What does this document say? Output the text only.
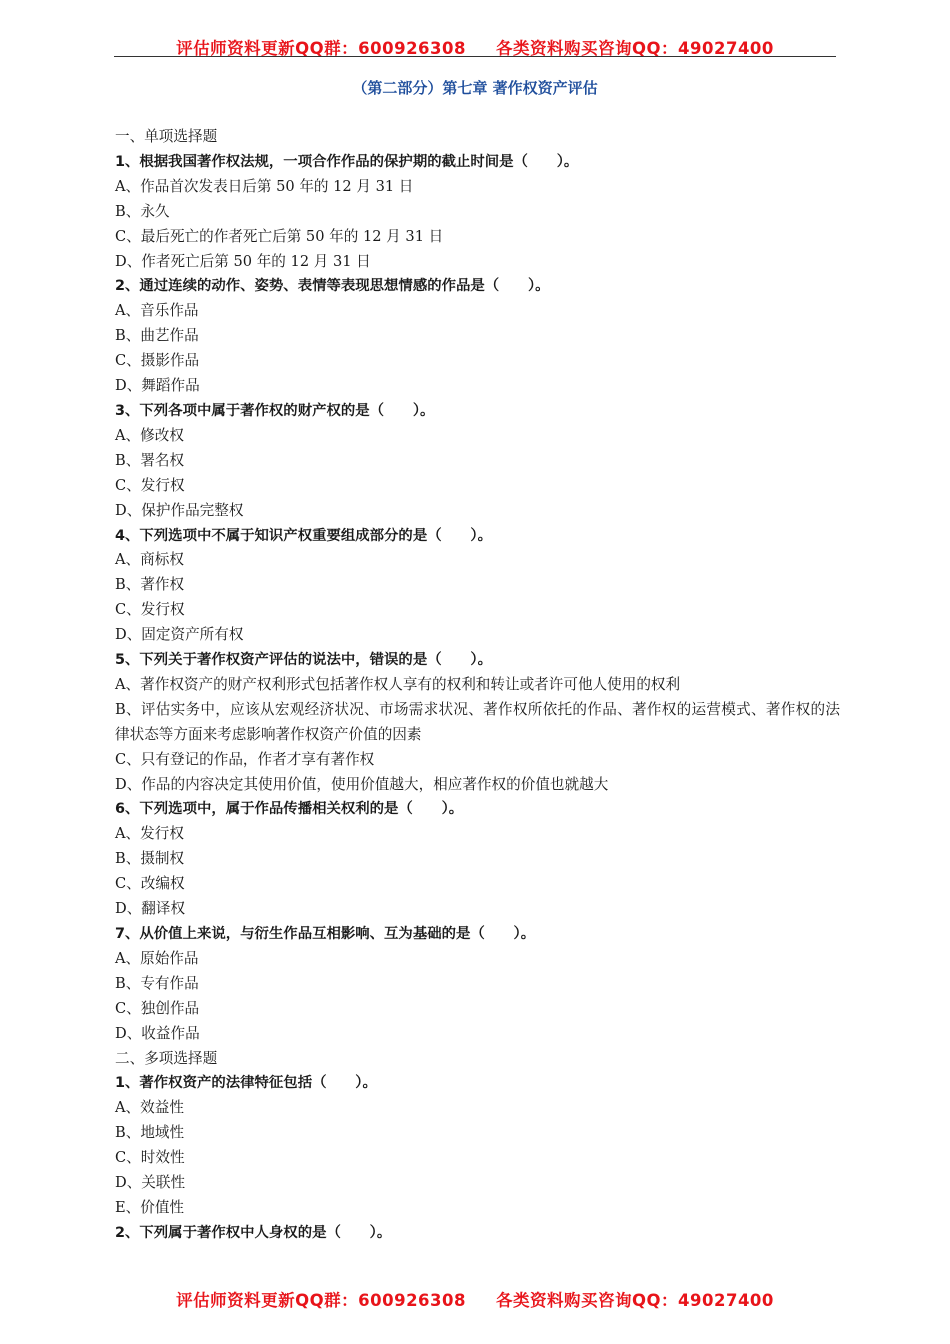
评估师资料更新QQ群：600926308 各类资料购买咨询QQ：49027400
（第二部分）第七章 著作权资产评估
一、单项选择题
1、根据我国著作权法规，一项合作作品的保护期的截止时间是（　　）。
A、作品首次发表日后第 50 年的 12 月 31 日
B、永久
C、最后死亡的作者死亡后第 50 年的 12 月 31 日
D、作者死亡后第 50 年的 12 月 31 日
2、通过连续的动作、姿势、表情等表现思想情感的作品是（　　）。
A、音乐作品
B、曲艺作品
C、摄影作品
D、舞蹈作品
3、下列各项中属于著作权的财产权的是（　　）。
A、修改权
B、署名权
C、发行权
D、保护作品完整权
4、下列选项中不属于知识产权重要组成部分的是（　　）。
A、商标权
B、著作权
C、发行权
D、固定资产所有权
5、下列关于著作权资产评估的说法中，错误的是（　　）。
A、著作权资产的财产权利形式包括著作权人享有的权利和转让或者许可他人使用的权利
B、评估实务中，应该从宏观经济状况、市场需求状况、著作权所依托的作品、著作权的运营模式、著作权的法律状态等方面来考虑影响著作权资产价值的因素
C、只有登记的作品，作者才享有著作权
D、作品的内容决定其使用价值，使用价值越大，相应著作权的价值也就越大
6、下列选项中，属于作品传播相关权利的是（　　）。
A、发行权
B、摄制权
C、改编权
D、翻译权
7、从价值上来说，与衍生作品互相影响、互为基础的是（　　）。
A、原始作品
B、专有作品
C、独创作品
D、收益作品
二、多项选择题
1、著作权资产的法律特征包括（　　）。
A、效益性
B、地域性
C、时效性
D、关联性
E、价值性
2、下列属于著作权中人身权的是（　　）。
评估师资料更新QQ群：600926308 各类资料购买咨询QQ：49027400
